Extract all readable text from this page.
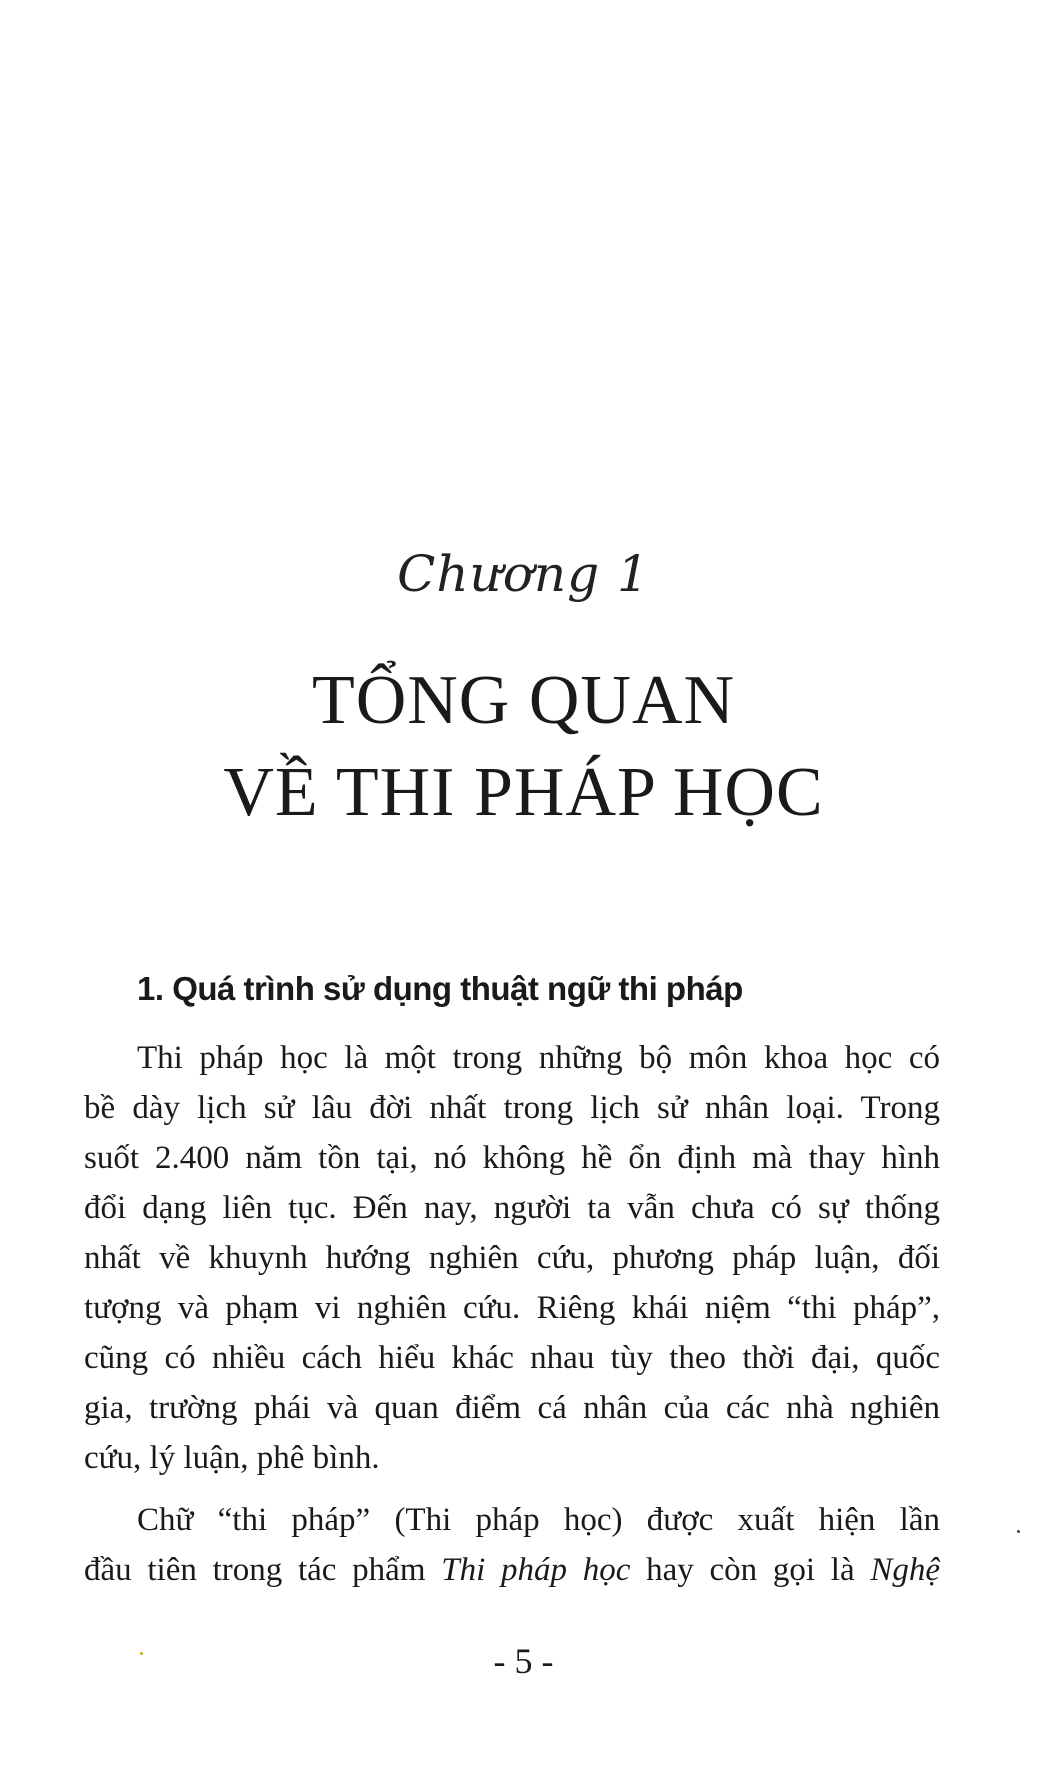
Chương 1
TỔNG QUAN
VỀ THI PHÁP HỌC
1. Quá trình sử dụng thuật ngữ thi pháp
Thi pháp học là một trong những bộ môn khoa học có
bề dày lịch sử lâu đời nhất trong lịch sử nhân loại. Trong
suốt 2.400 năm tồn tại, nó không hề ổn định mà thay hình
đổi dạng liên tục. Đến nay, người ta vẫn chưa có sự thống
nhất về khuynh hướng nghiên cứu, phương pháp luận, đối
tượng và phạm vi nghiên cứu. Riêng khái niệm “thi pháp”,
cũng có nhiều cách hiểu khác nhau tùy theo thời đại, quốc
gia, trường phái và quan điểm cá nhân của các nhà nghiên
cứu, lý luận, phê bình.
Chữ “thi pháp” (Thi pháp học) được xuất hiện lần
đầu tiên trong tác phẩm Thi pháp học hay còn gọi là Nghệ
- 5 -
